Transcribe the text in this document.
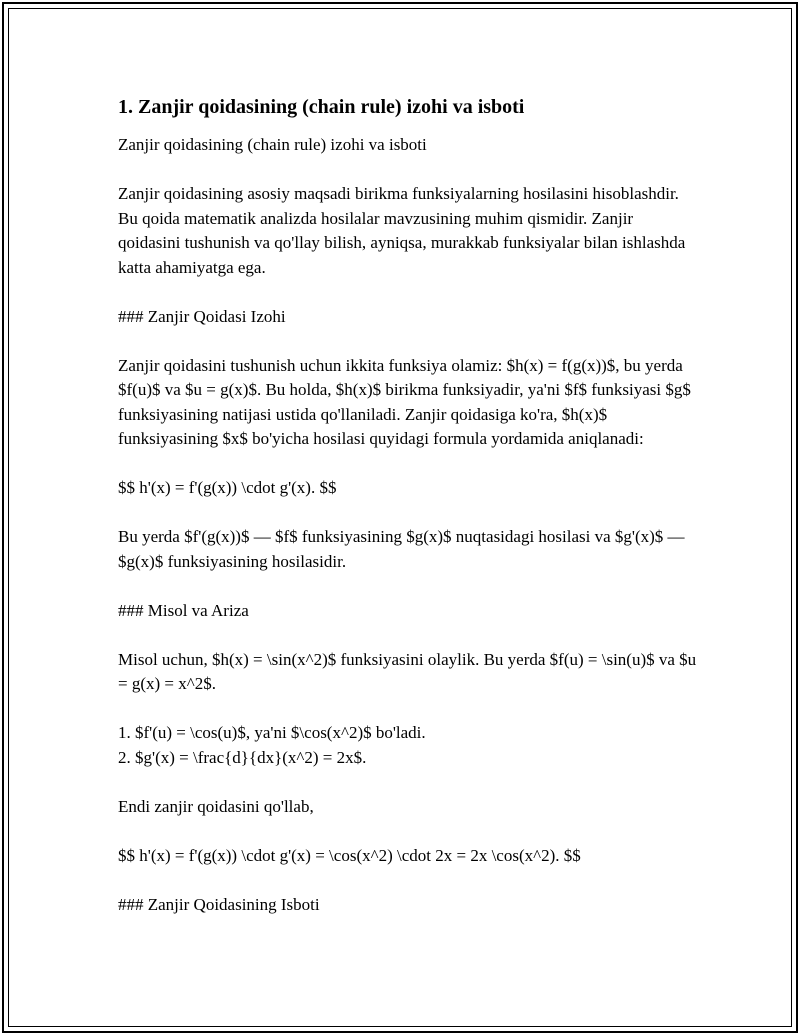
1. Zanjir qoidasining (chain rule) izohi va isboti

Zanjir qoidasining (chain rule) izohi va isboti

Zanjir qoidasining asosiy maqsadi birikma funksiyalarning hosilasini hisoblashdir. Bu qoida matematik analizda hosilalar mavzusining muhim qismidir. Zanjir qoidasini tushunish va qo'llay bilish, ayniqsa, murakkab funksiyalar bilan ishlashda katta ahamiyatga ega.

### Zanjir Qoidasi Izohi

Zanjir qoidasini tushunish uchun ikkita funksiya olamiz: $h(x) = f(g(x))$, bu yerda $f(u)$ va $u = g(x)$. Bu holda, $h(x)$ birikma funksiyadir, ya'ni $f$ funksiyasi $g$ funksiyasining natijasi ustida qo'llaniladi. Zanjir qoidasiga ko'ra, $h(x)$ funksiyasining $x$ bo'yicha hosilasi quyidagi formula yordamida aniqlanadi:

$$ h'(x) = f'(g(x)) \cdot g'(x). $$

Bu yerda $f'(g(x))$ — $f$ funksiyasining $g(x)$ nuqtasidagi hosilasi va $g'(x)$ — $g(x)$ funksiyasining hosilasidir.

### Misol va Ariza

Misol uchun, $h(x) = \sin(x^2)$ funksiyasini olaylik. Bu yerda $f(u) = \sin(u)$ va $u = g(x) = x^2$.

1. $f'(u) = \cos(u)$, ya'ni $\cos(x^2)$ bo'ladi.

2. $g'(x) = \frac{d}{dx}(x^2) = 2x$.

Endi zanjir qoidasini qo'llab,

$$ h'(x) = f'(g(x)) \cdot g'(x) = \cos(x^2) \cdot 2x = 2x \cos(x^2). $$

### Zanjir Qoidasining Isboti
